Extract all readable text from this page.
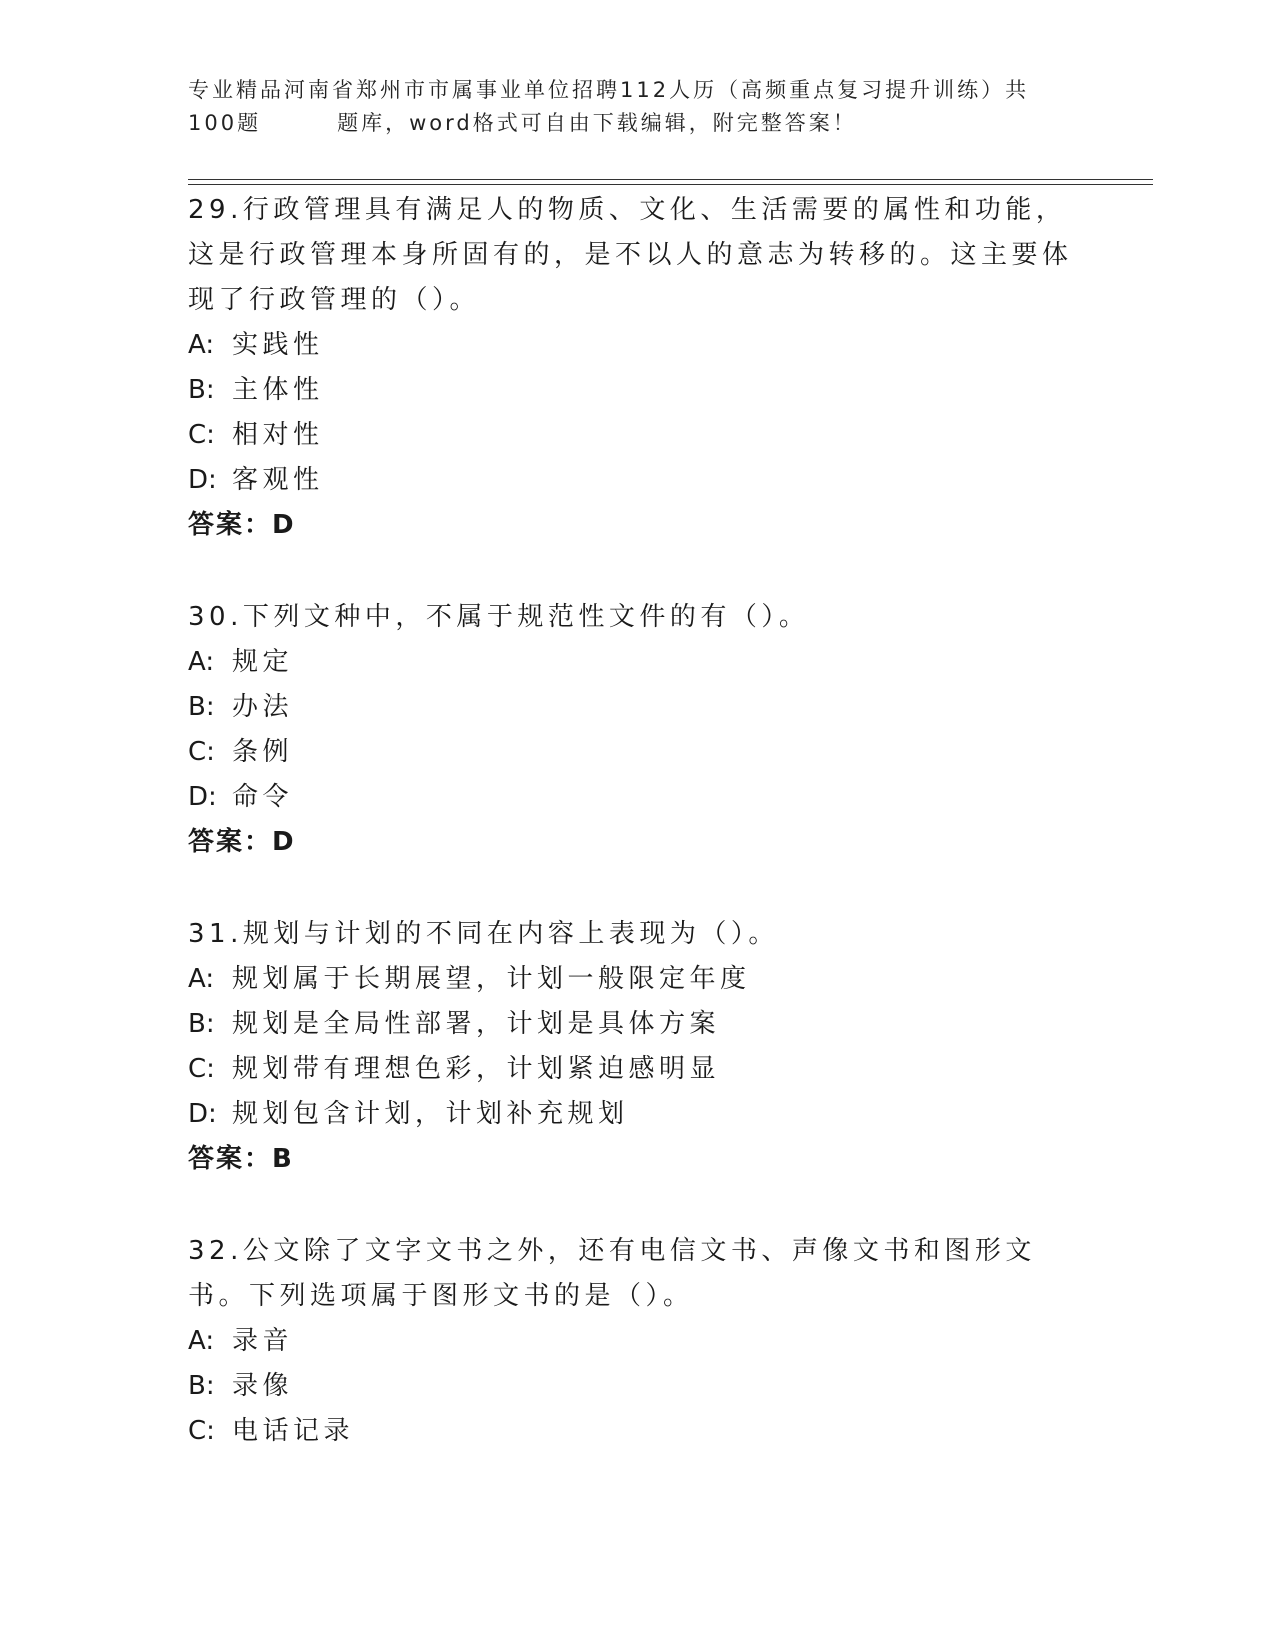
专业精品河南省郑州市市属事业单位招聘112人历（高频重点复习提升训练）共

100题	题库，word格式可自由下载编辑，附完整答案！

29.行政管理具有满足人的物质、文化、生活需要的属性和功能，这是行政管理本身所固有的，是不以人的意志为转移的。这主要体现了行政管理的（）。

A: 实践性

B: 主体性

C: 相对性

D: 客观性

答案：D

30.下列文种中，不属于规范性文件的有（）。

A: 规定

B: 办法

C: 条例

D: 命令

答案：D

31.规划与计划的不同在内容上表现为（）。

A: 规划属于长期展望，计划一般限定年度

B: 规划是全局性部署，计划是具体方案

C: 规划带有理想色彩，计划紧迫感明显

D: 规划包含计划，计划补充规划

答案：B

32.公文除了文字文书之外，还有电信文书、声像文书和图形文书。下列选项属于图形文书的是（）。

A: 录音

B: 录像

C: 电话记录
